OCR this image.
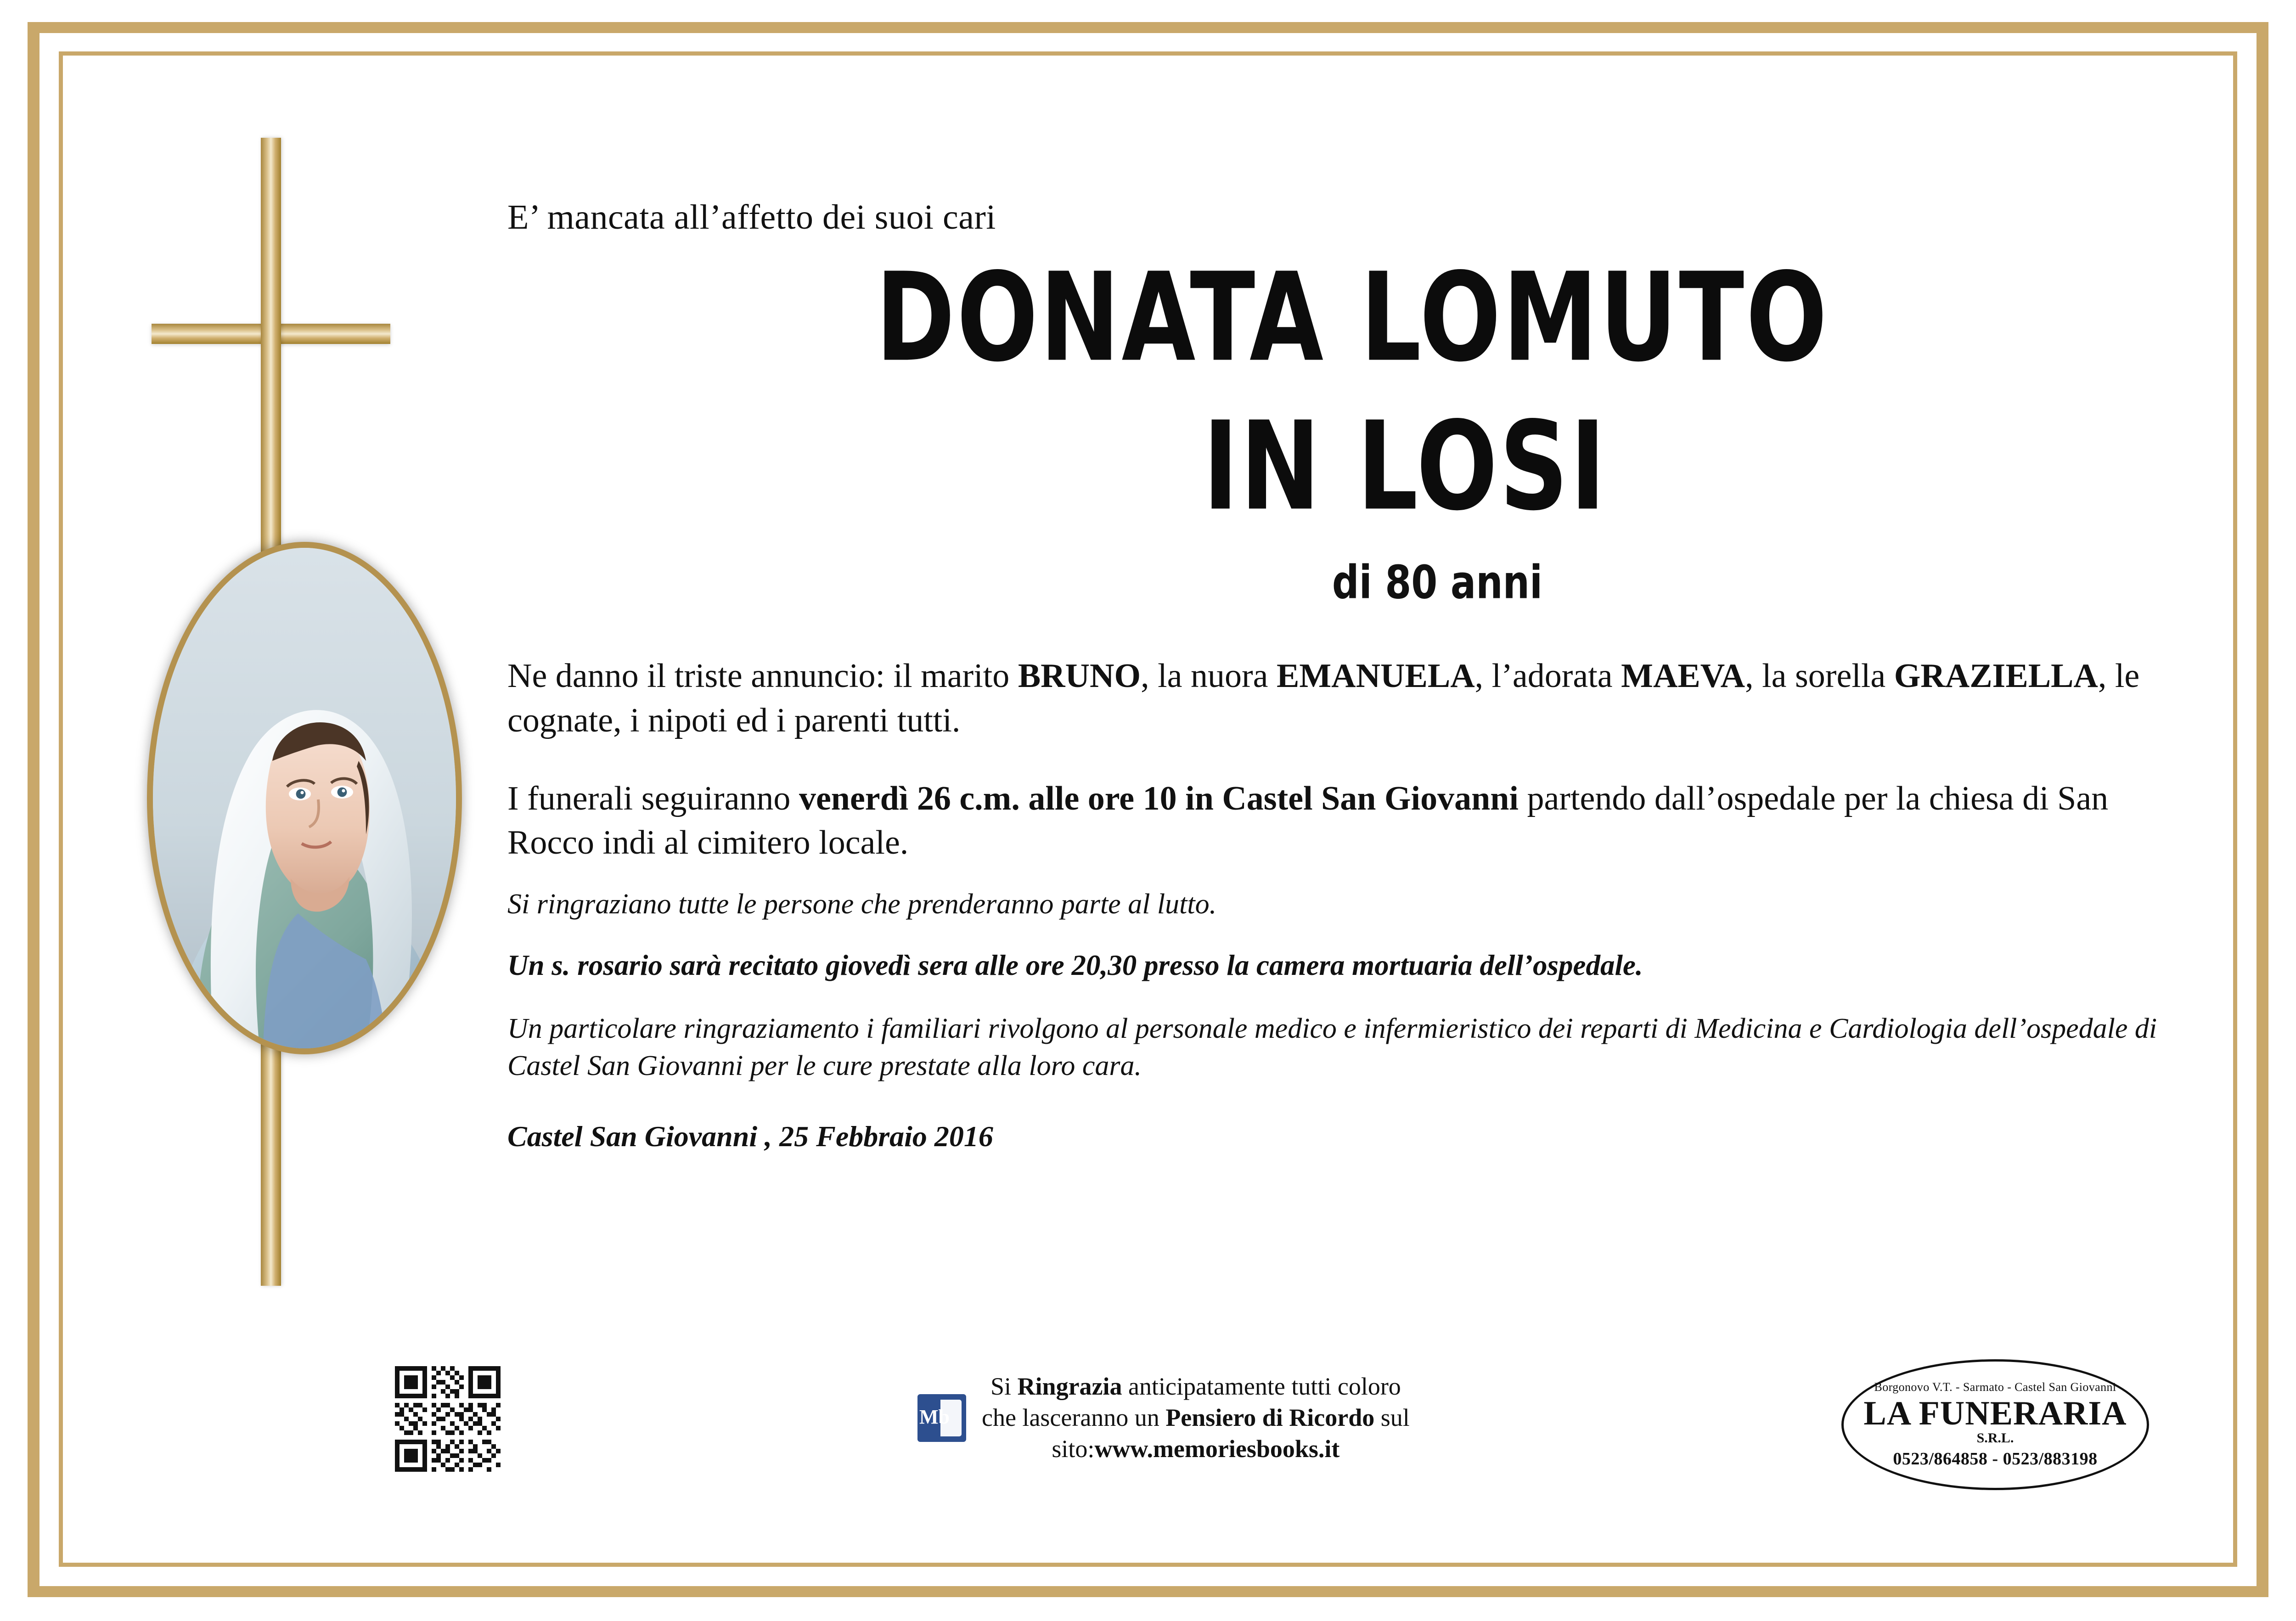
E’ mancata all’affetto dei suoi cari
DONATA LOMUTO
IN LOSI
di 80 anni

Ne danno il triste annuncio: il marito BRUNO, la nuora EMANUELA, l’adorata MAEVA, la sorella GRAZIELLA, le cognate, i nipoti ed i parenti tutti.

I funerali seguiranno venerdì 26 c.m. alle ore 10 in Castel San Giovanni partendo dall’ospedale per la chiesa di San Rocco indi al cimitero locale.

Si ringraziano tutte le persone che prenderanno parte al lutto.

Un s. rosario sarà recitato giovedì sera alle ore 20,30 presso la camera mortuaria dell’ospedale.

Un particolare ringraziamento i familiari rivolgono al personale medico e infermieristico dei reparti di Medicina e Cardiologia dell’ospedale di Castel San Giovanni per le cure prestate alla loro cara.

Castel San Giovanni , 25 Febbraio 2016

Mb
Si Ringrazia anticipatamente tutti coloro
che lasceranno un Pensiero di Ricordo sul
sito:www.memoriesbooks.it
Borgonovo V.T. - Sarmato - Castel San Giovanni
LA FUNERARIA
S.R.L.
0523/864858 - 0523/883198
